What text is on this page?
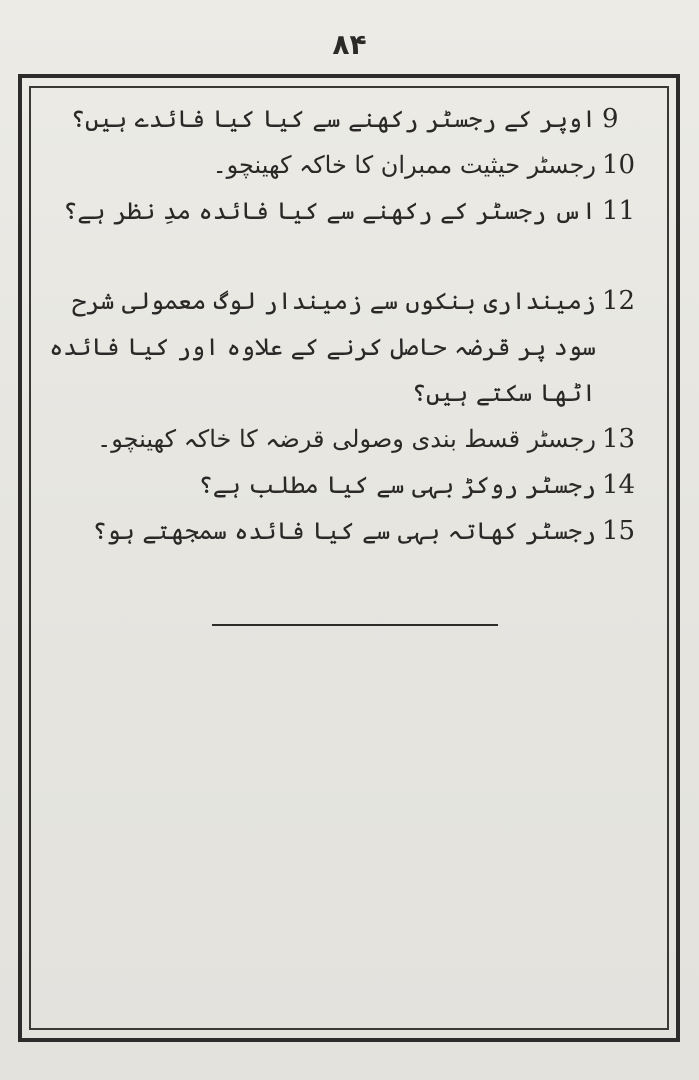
۸۴
9
اوپر کے رجسٹر رکھنے سے کیا کیا فائدے ہیں؟
10
رجسٹر حیثیت ممبران کا خاکہ کھینچو۔
11
اس رجسٹر کے رکھنے سے کیا فائدہ مدِ نظر ہے؟
12
زمینداری بنکوں سے زمیندار لوگ معمولی شرح سود پر قرضہ حاصل کرنے کے علاوہ اور کیا فائدہ اٹھا سکتے ہیں؟
13
رجسٹر قسط بندی وصولی قرضہ کا خاکہ کھینچو۔
14
رجسٹر روکڑ بہی سے کیا مطلب ہے؟
15
رجسٹر کھاتہ بہی سے کیا فائدہ سمجھتے ہو؟
